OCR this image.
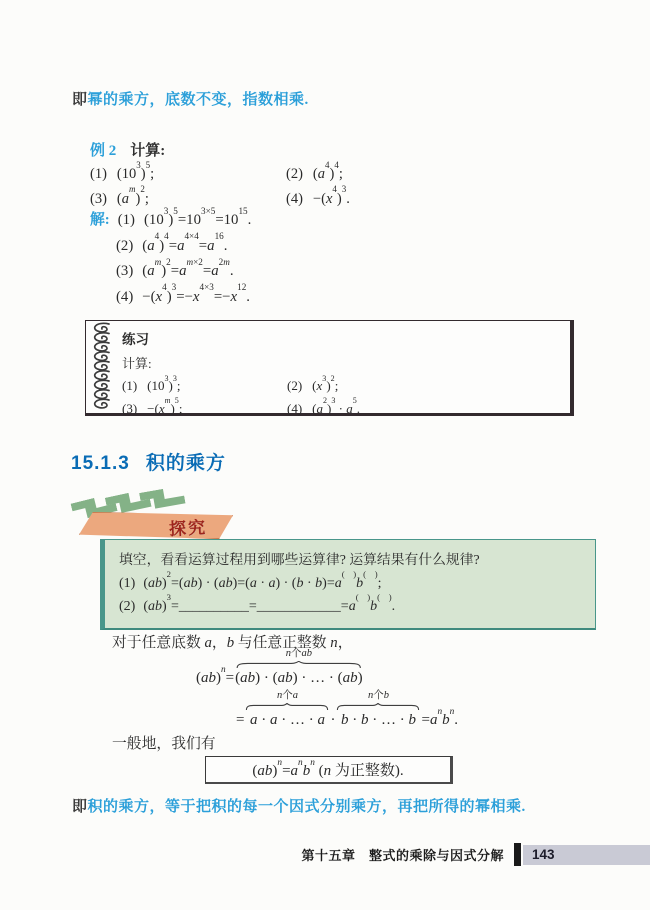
即幂的乘方，底数不变，指数相乘.

例 2 计算:
(1) $(10^3)^5$;	(2) $(a^4)^4$;
(3) $(a^m)^2$;	$(4) -(x^4)^3$.
解: (1) $(10^3)^5=10^{3\times 5}=10^{15}$.
(2) $(a^4)^4=a^{4\times 4}=a^{16}$.
(3) $(a^m)^2=a^{m\times 2}=a^{2m}$.
$(4) -(x^4)^3=-x^{4\times 3}=-x^{12}$.
练习
计算:
(1) $(10^3)^3$;	(2) $(x^3)^2$;
$(3) -(x^m)^5$;	(4) $(a^2)^3 \cdot a^5$.
15.1.3 积的乘方
探究

填空，看看运算过程用到哪些运算律? 运算结果有什么规律?

(1) (ab)$^2$=(ab) · (ab)=(a · a) · (b · b)=a(　)b(　);
(2) (ab)$^3$=__________=____________=a(　)b(　).

对于任意底数 a，b 与任意正整数 n，

(ab)$^n$=
n个ab
(ab) · (ab) · … · (ab)
=
n个a
a · a · … · a ·
n个b
b · b · … · $b =a^nb^n$.

一般地，我们有

$(ab)^n=a^nb^n$ (n 为正整数).

即积的乘方，等于把积的每一个因式分别乘方，再把所得的幂相乘.

第十五章　整式的乘除与因式分解 143
